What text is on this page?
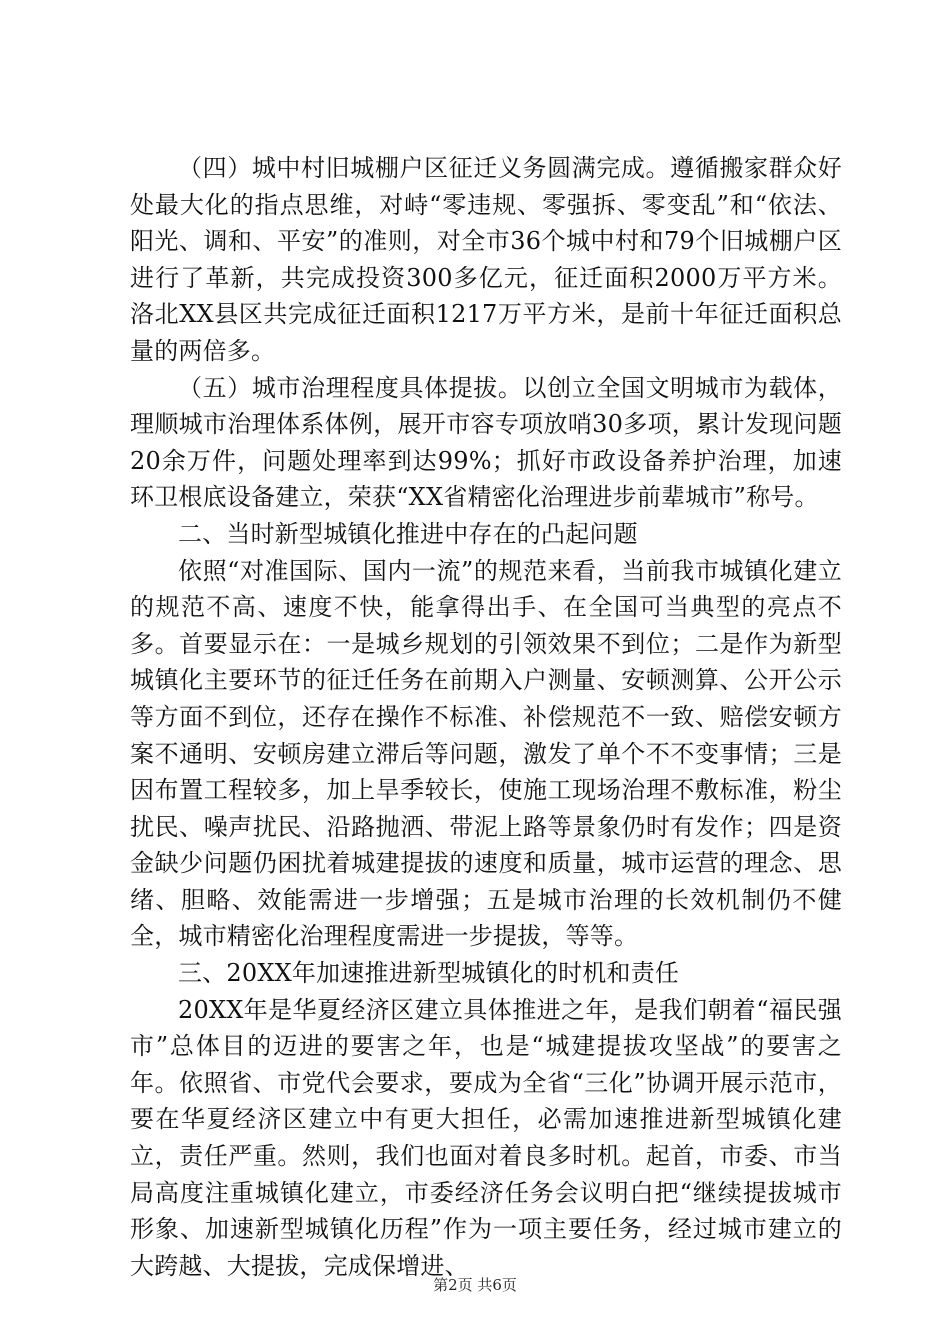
（四）城中村旧城棚户区征迁义务圆满完成。遵循搬家群众好处最大化的指点思维，对峙“零违规、零强拆、零变乱”和“依法、阳光、调和、平安”的准则，对全市36个城中村和79个旧城棚户区进行了革新，共完成投资300多亿元，征迁面积2000万平方米。洛北XX县区共完成征迁面积1217万平方米，是前十年征迁面积总量的两倍多。

（五）城市治理程度具体提拔。以创立全国文明城市为载体，理顺城市治理体系体例，展开市容专项放哨30多项，累计发现问题20余万件，问题处理率到达99%；抓好市政设备养护治理，加速环卫根底设备建立，荣获“XX省精密化治理进步前辈城市”称号。

二、当时新型城镇化推进中存在的凸起问题

依照“对准国际、国内一流”的规范来看，当前我市城镇化建立的规范不高、速度不快，能拿得出手、在全国可当典型的亮点不多。首要显示在：一是城乡规划的引领效果不到位；二是作为新型城镇化主要环节的征迁任务在前期入户测量、安顿测算、公开公示等方面不到位，还存在操作不标准、补偿规范不一致、赔偿安顿方案不通明、安顿房建立滞后等问题，激发了单个不不变事情；三是因布置工程较多，加上旱季较长，使施工现场治理不敷标准，粉尘扰民、噪声扰民、沿路抛洒、带泥上路等景象仍时有发作；四是资金缺少问题仍困扰着城建提拔的速度和质量，城市运营的理念、思绪、胆略、效能需进一步增强；五是城市治理的长效机制仍不健全，城市精密化治理程度需进一步提拔，等等。

三、20XX年加速推进新型城镇化的时机和责任

20XX年是华夏经济区建立具体推进之年，是我们朝着“福民强市”总体目的迈进的要害之年，也是“城建提拔攻坚战”的要害之年。依照省、市党代会要求，要成为全省“三化”协调开展示范市，要在华夏经济区建立中有更大担任，必需加速推进新型城镇化建立，责任严重。然则，我们也面对着良多时机。起首，市委、市当局高度注重城镇化建立，市委经济任务会议明白把“继续提拔城市形象、加速新型城镇化历程”作为一项主要任务，经过城市建立的大跨越、大提拔，完成保增进、

第2页 共6页
